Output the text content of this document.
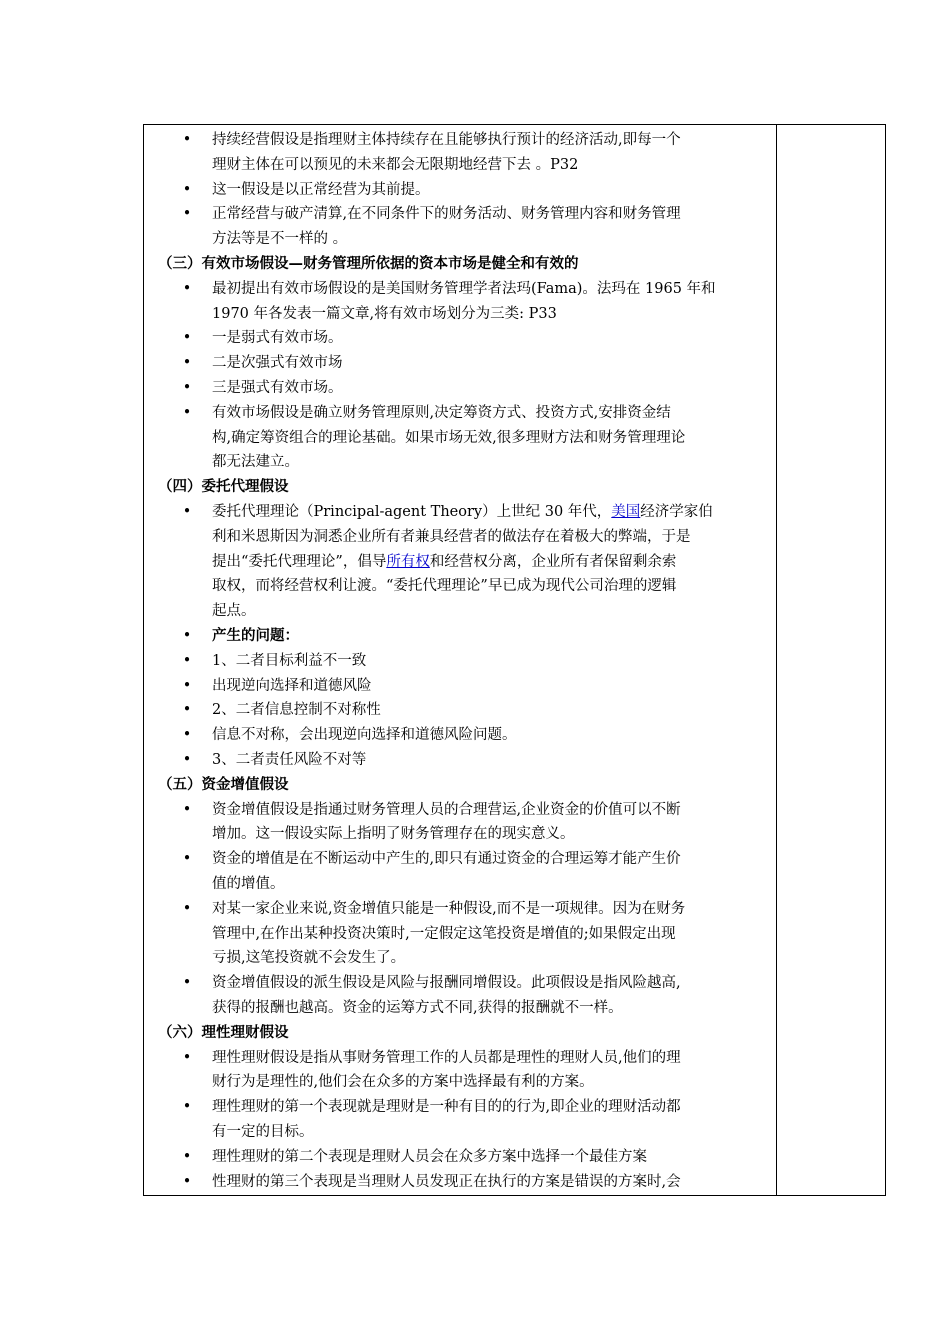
• 持续经营假设是指理财主体持续存在且能够执行预计的经济活动,即每一个
理财主体在可以预见的未来都会无限期地经营下去 。P32
• 这一假设是以正常经营为其前提。
• 正常经营与破产清算,在不同条件下的财务活动、财务管理内容和财务管理
方法等是不一样的 。
（三）有效市场假设—财务管理所依据的资本市场是健全和有效的
• 最初提出有效市场假设的是美国财务管理学者法玛(Fama)。法玛在 1965 年和
1970 年各发表一篇文章,将有效市场划分为三类: P33
• 一是弱式有效市场。
• 二是次强式有效市场
• 三是强式有效市场。
• 有效市场假设是确立财务管理原则,决定筹资方式、投资方式,安排资金结
构,确定筹资组合的理论基础。如果市场无效,很多理财方法和财务管理理论
都无法建立。
（四）委托代理假设
• 委托代理理论（Principal-agent Theory）上世纪 30 年代，美国经济学家伯
利和米恩斯因为洞悉企业所有者兼具经营者的做法存在着极大的弊端，于是
提出“委托代理理论”，倡导所有权和经营权分离，企业所有者保留剩余索
取权，而将经营权利让渡。“委托代理理论”早已成为现代公司治理的逻辑
起点。
• 产生的问题：
• 1、二者目标利益不一致
• 出现逆向选择和道德风险
• 2、二者信息控制不对称性
• 信息不对称，会出现逆向选择和道德风险问题。
• 3、二者责任风险不对等
（五）资金增值假设
• 资金增值假设是指通过财务管理人员的合理营运,企业资金的价值可以不断
增加。这一假设实际上指明了财务管理存在的现实意义。
• 资金的增值是在不断运动中产生的,即只有通过资金的合理运筹才能产生价
值的增值。
• 对某一家企业来说,资金增值只能是一种假设,而不是一项规律。因为在财务
管理中,在作出某种投资决策时,一定假定这笔投资是增值的;如果假定出现
亏损,这笔投资就不会发生了。
• 资金增值假设的派生假设是风险与报酬同增假设。此项假设是指风险越高,
获得的报酬也越高。资金的运筹方式不同,获得的报酬就不一样。
（六）理性理财假设
• 理性理财假设是指从事财务管理工作的人员都是理性的理财人员,他们的理
财行为是理性的,他们会在众多的方案中选择最有利的方案。
• 理性理财的第一个表现就是理财是一种有目的的行为,即企业的理财活动都
有一定的目标。
• 理性理财的第二个表现是理财人员会在众多方案中选择一个最佳方案
• 性理财的第三个表现是当理财人员发现正在执行的方案是错误的方案时,会
